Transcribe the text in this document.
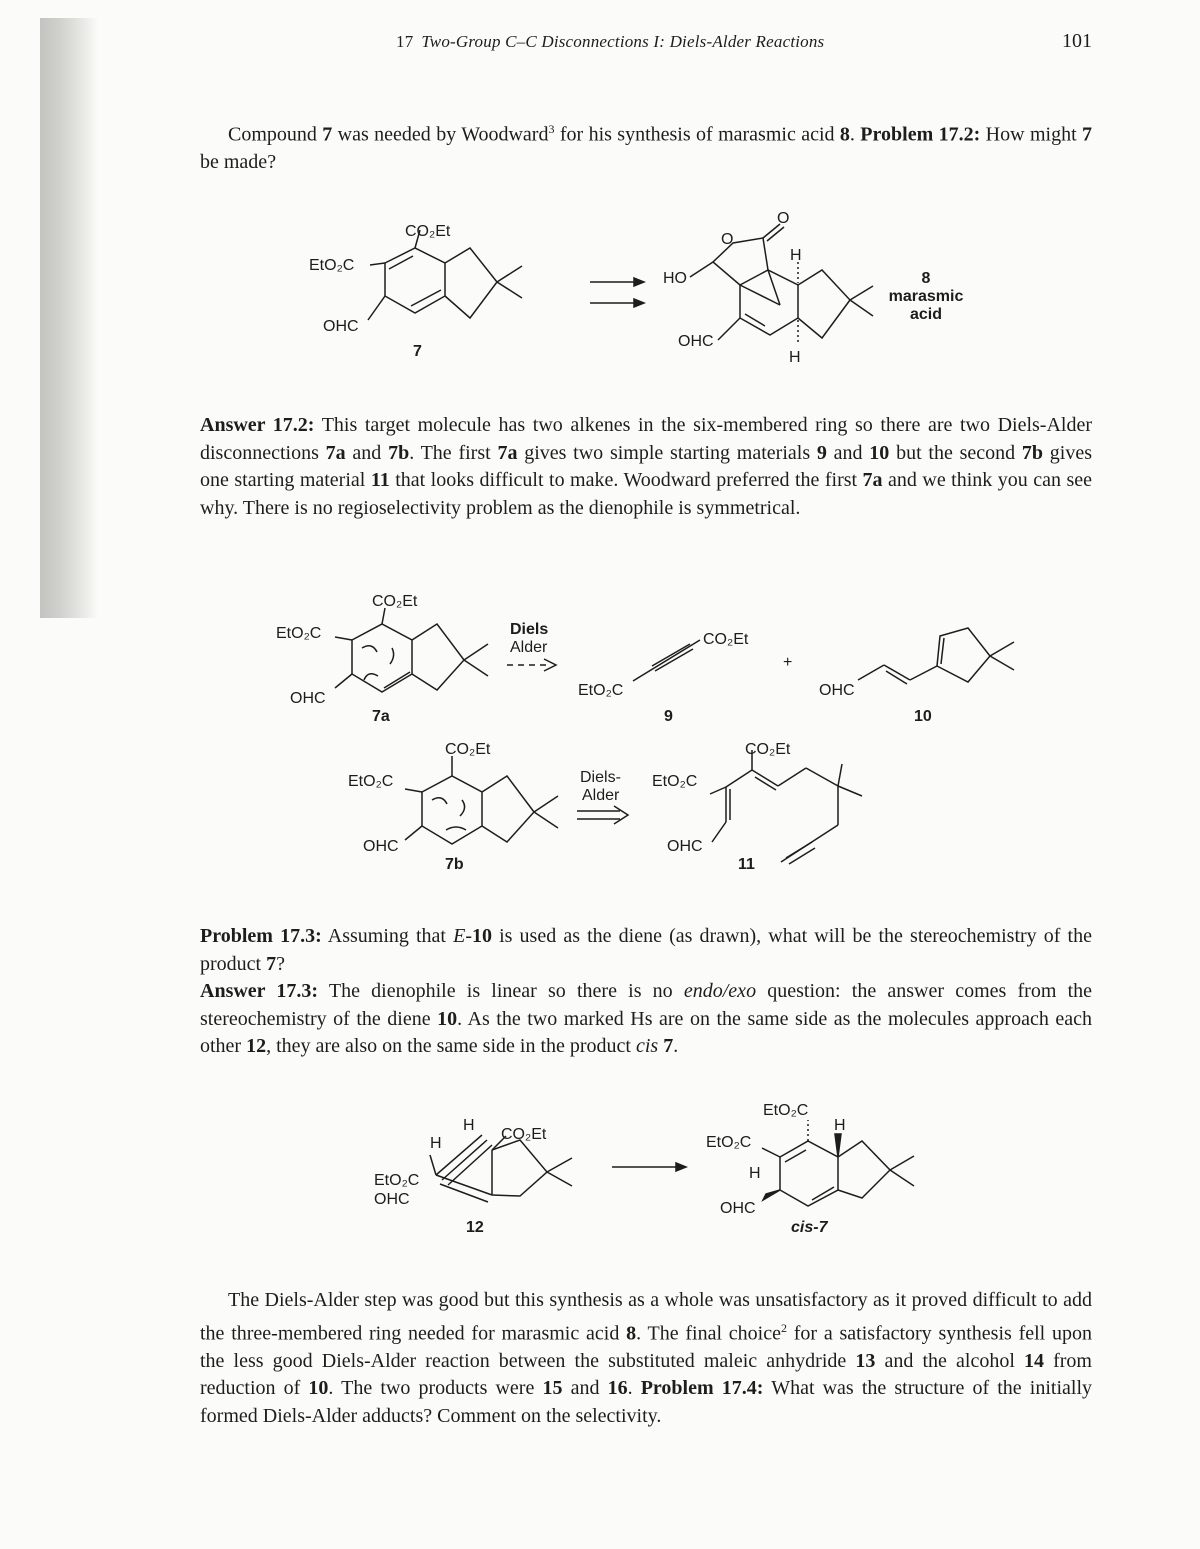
17 Two-Group C–C Disconnections I: Diels-Alder Reactions	101
Compound 7 was needed by Woodward$^3$ for his synthesis of marasmic acid 8. Problem 17.2: How might 7 be made?
CO₂Et
EtO₂C
OHC
7
O
O
HO
OHC
H
H
8
marasmic
acid
Answer 17.2: This target molecule has two alkenes in the six-membered ring so there are two Diels-Alder disconnections 7a and 7b. The first 7a gives two simple starting materials 9 and 10 but the second 7b gives one starting material 11 that looks difficult to make. Woodward preferred the first 7a and we think you can see why. There is no regioselectivity problem as the dienophile is symmetrical.
CO₂Et
EtO₂C
OHC
7a
Diels
Alder
EtO₂C
CO₂Et
9
+
OHC
10
CO₂Et
EtO₂C
OHC
7b
Diels-
Alder
EtO₂C
CO₂Et
OHC
11
Problem 17.3: Assuming that E-10 is used as the diene (as drawn), what will be the stereochemistry of the product 7?
Answer 17.3: The dienophile is linear so there is no endo/exo question: the answer comes from the stereochemistry of the diene 10. As the two marked Hs are on the same side as the molecules approach each other 12, they are also on the same side in the product cis 7.
H
H
CO₂Et
EtO₂C
OHC
12
EtO₂C
EtO₂C
H
H
OHC
cis-7
The Diels-Alder step was good but this synthesis as a whole was unsatisfactory as it proved difficult to add the three-membered ring needed for marasmic acid 8. The final choice$^2$ for a satisfactory synthesis fell upon the less good Diels-Alder reaction between the substituted maleic anhydride 13 and the alcohol 14 from reduction of 10. The two products were 15 and 16. Problem 17.4: What was the structure of the initially formed Diels-Alder adducts? Comment on the selectivity.
